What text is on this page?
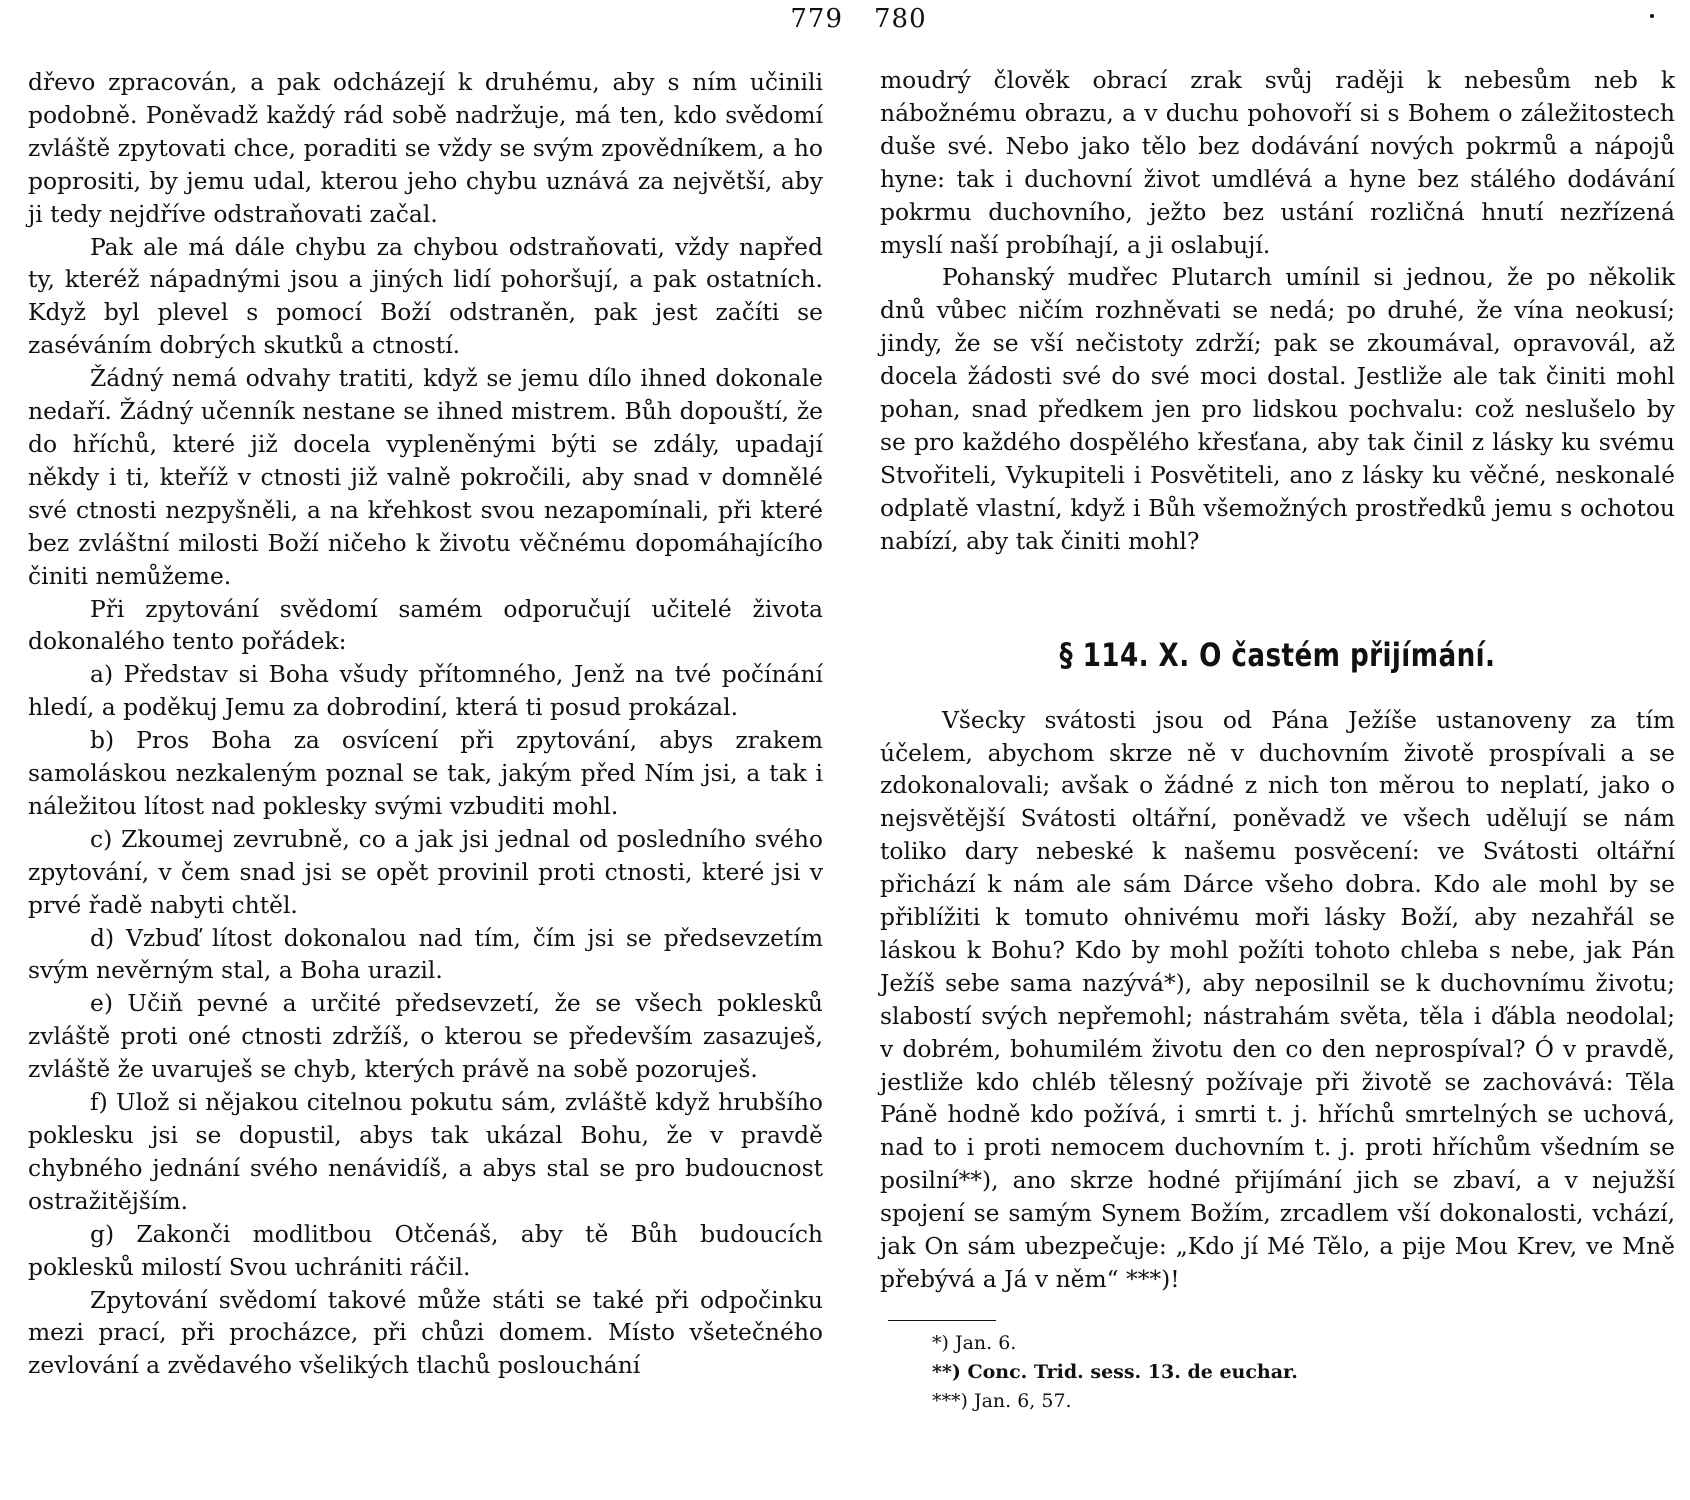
779

dřevo zpracován, a pak odcházejí k druhému, aby s ním učinili podobně. Poněvadž každý rád sobě nadržuje, má ten, kdo svědomí zvláště zpytovati chce, poraditi se vždy se svým zpovědníkem, a ho poprositi, by jemu udal, kterou jeho chybu uznává za největší, aby ji tedy nejdříve odstraňovati začal.

Pak ale má dále chybu za chybou odstraňovati, vždy napřed ty, kteréž nápadnými jsou a jiných lidí pohoršují, a pak ostatních. Když byl plevel s pomocí Boží odstraněn, pak jest začíti se zaséváním dobrých skutků a ctností.

Žádný nemá odvahy tratiti, když se jemu dílo ihned dokonale nedaří. Žádný učenník nestane se ihned mistrem. Bůh dopouští, že do hříchů, které již docela vypleněnými býti se zdály, upadají někdy i ti, kteříž v ctnosti již valně pokročili, aby snad v domnělé své ctnosti nezpyšněli, a na křehkost svou nezapomínali, při které bez zvláštní milosti Boží ničeho k životu věčnému dopomáhajícího činiti nemůžeme.

Při zpytování svědomí samém odporučují učitelé života dokonalého tento pořádek:

a) Představ si Boha všudy přítomného, Jenž na tvé počínání hledí, a poděkuj Jemu za dobrodiní, která ti posud prokázal.

b) Pros Boha za osvícení při zpytování, abys zrakem samoláskou nezkaleným poznal se tak, jakým před Ním jsi, a tak i náležitou lítost nad poklesky svými vzbuditi mohl.

c) Zkoumej zevrubně, co a jak jsi jednal od posledního svého zpytování, v čem snad jsi se opět provinil proti ctnosti, které jsi v prvé řadě nabyti chtěl.

d) Vzbuď lítost dokonalou nad tím, čím jsi se předsevzetím svým nevěrným stal, a Boha urazil.

e) Učiň pevné a určité předsevzetí, že se všech poklesků zvláště proti oné ctnosti zdržíš, o kterou se především zasazuješ, zvláště že uvaruješ se chyb, kterých právě na sobě pozoruješ.

f) Ulož si nějakou citelnou pokutu sám, zvláště když hrubšího poklesku jsi se dopustil, abys tak ukázal Bohu, že v pravdě chybného jednání svého nenávidíš, a abys stal se pro budoucnost ostražitějším.

g) Zakonči modlitbou Otčenáš, aby tě Bůh budoucích poklesků milostí Svou uchrániti ráčil.

Zpytování svědomí takové může státi se také při odpočinku mezi prací, při procházce, při chůzi domem. Místo všetečného zevlování a zvědavého všelikých tlachů poslouchání

780

moudrý člověk obrací zrak svůj raději k nebesům neb k nábožnému obrazu, a v duchu pohovoří si s Bohem o záležitostech duše své. Nebo jako tělo bez dodávání nových pokrmů a nápojů hyne: tak i duchovní život umdlévá a hyne bez stálého dodávání pokrmu duchovního, ježto bez ustání rozličná hnutí nezřízená myslí naší probíhají, a ji oslabují.

Pohanský mudřec Plutarch umínil si jednou, že po několik dnů vůbec ničím rozhněvati se nedá; po druhé, že vína neokusí; jindy, že se vší nečistoty zdrží; pak se zkoumával, opravovál, až docela žádosti své do své moci dostal. Jestliže ale tak činiti mohl pohan, snad předkem jen pro lidskou pochvalu: což neslušelo by se pro každého dospělého křesťana, aby tak činil z lásky ku svému Stvořiteli, Vykupiteli i Posvětiteli, ano z lásky ku věčné, neskonalé odplatě vlastní, když i Bůh všemožných prostředků jemu s ochotou nabízí, aby tak činiti mohl?

§ 114. X. O častém přijímání.

Všecky svátosti jsou od Pána Ježíše ustanoveny za tím účelem, abychom skrze ně v duchovním životě prospívali a se zdokonalovali; avšak o žádné z nich ton měrou to neplatí, jako o nejsvětější Svátosti oltářní, poněvadž ve všech udělují se nám toliko dary nebeské k našemu posvěcení: ve Svátosti oltářní přichází k nám ale sám Dárce všeho dobra. Kdo ale mohl by se přiblížiti k tomuto ohnivému moři lásky Boží, aby nezahřál se láskou k Bohu? Kdo by mohl požíti tohoto chleba s nebe, jak Pán Ježíš sebe sama nazývá*), aby neposilnil se k duchovnímu životu; slabostí svých nepřemohl; nástrahám světa, těla i ďábla neodolal; v dobrém, bohumilém životu den co den neprospíval? Ó v pravdě, jestliže kdo chléb tělesný požívaje při životě se zachovává: Těla Páně hodně kdo požívá, i smrti t. j. hříchů smrtelných se uchová, nad to i proti nemocem duchovním t. j. proti hříchům všedním se posilní**), ano skrze hodné přijímání jich se zbaví, a v nejužší spojení se samým Synem Božím, zrcadlem vší dokonalosti, vchází, jak On sám ubezpečuje: „Kdo jí Mé Tělo, a pije Mou Krev, ve Mně přebývá a Já v něm“ ***)!

*) Jan. 6.
**) Conc. Trid. sess. 13. de euchar.
***) Jan. 6, 57.
